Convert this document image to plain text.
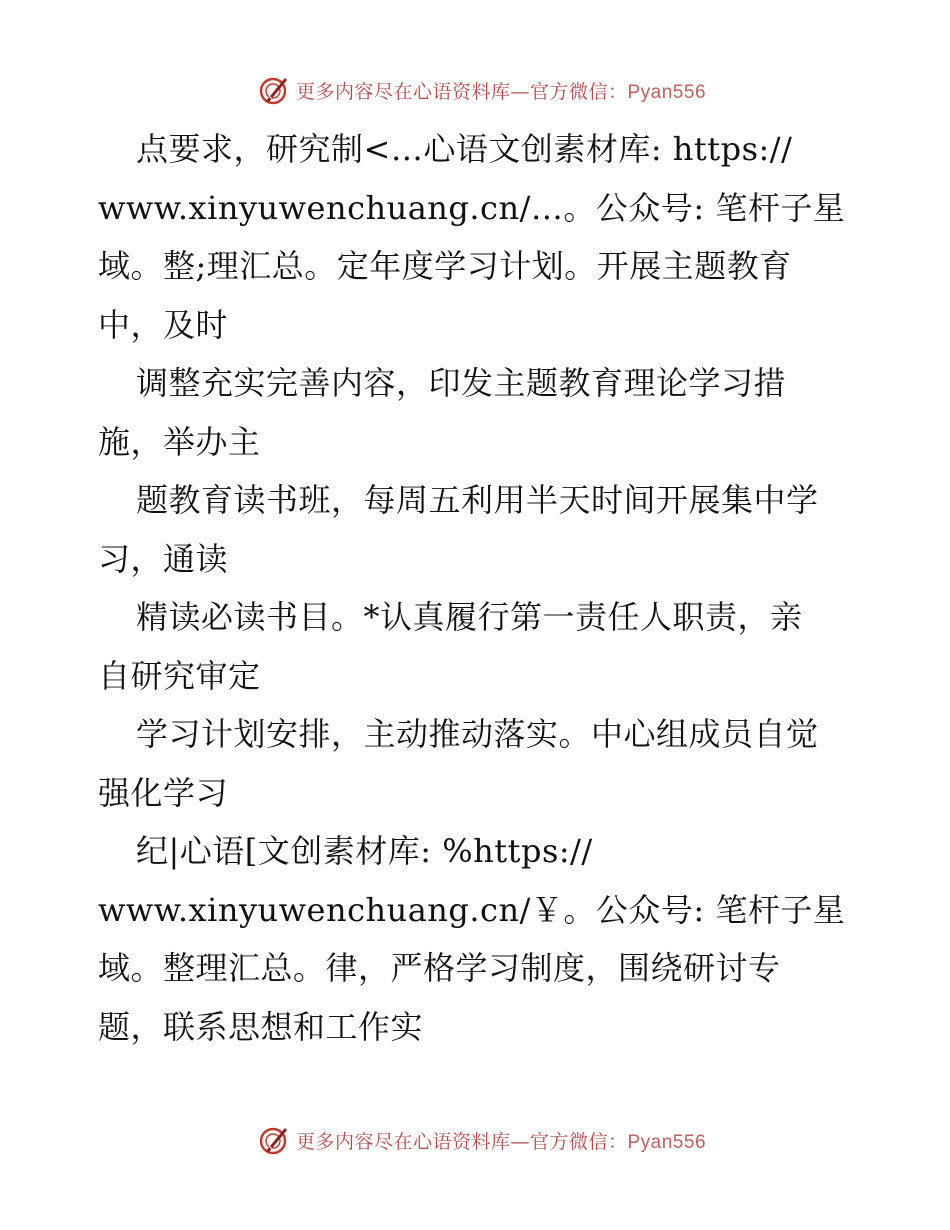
更多内容尽在心语资料库—官方微信：Pyan556
点要求，研究制<…心语文创素材库: https://
www.xinyuwenchuang.cn/…。公众号: 笔杆子星
域。整;理汇总。定年度学习计划。开展主题教育
中，及时
调整充实完善内容，印发主题教育理论学习措
施，举办主
题教育读书班，每周五利用半天时间开展集中学
习，通读
精读必读书目。*认真履行第一责任人职责，亲
自研究审定
学习计划安排，主动推动落实。中心组成员自觉
强化学习
纪|心语[文创素材库: %https://
www.xinyuwenchuang.cn/￥。公众号: 笔杆子星
域。整理汇总。律，严格学习制度，围绕研讨专
题，联系思想和工作实
更多内容尽在心语资料库—官方微信：Pyan556
